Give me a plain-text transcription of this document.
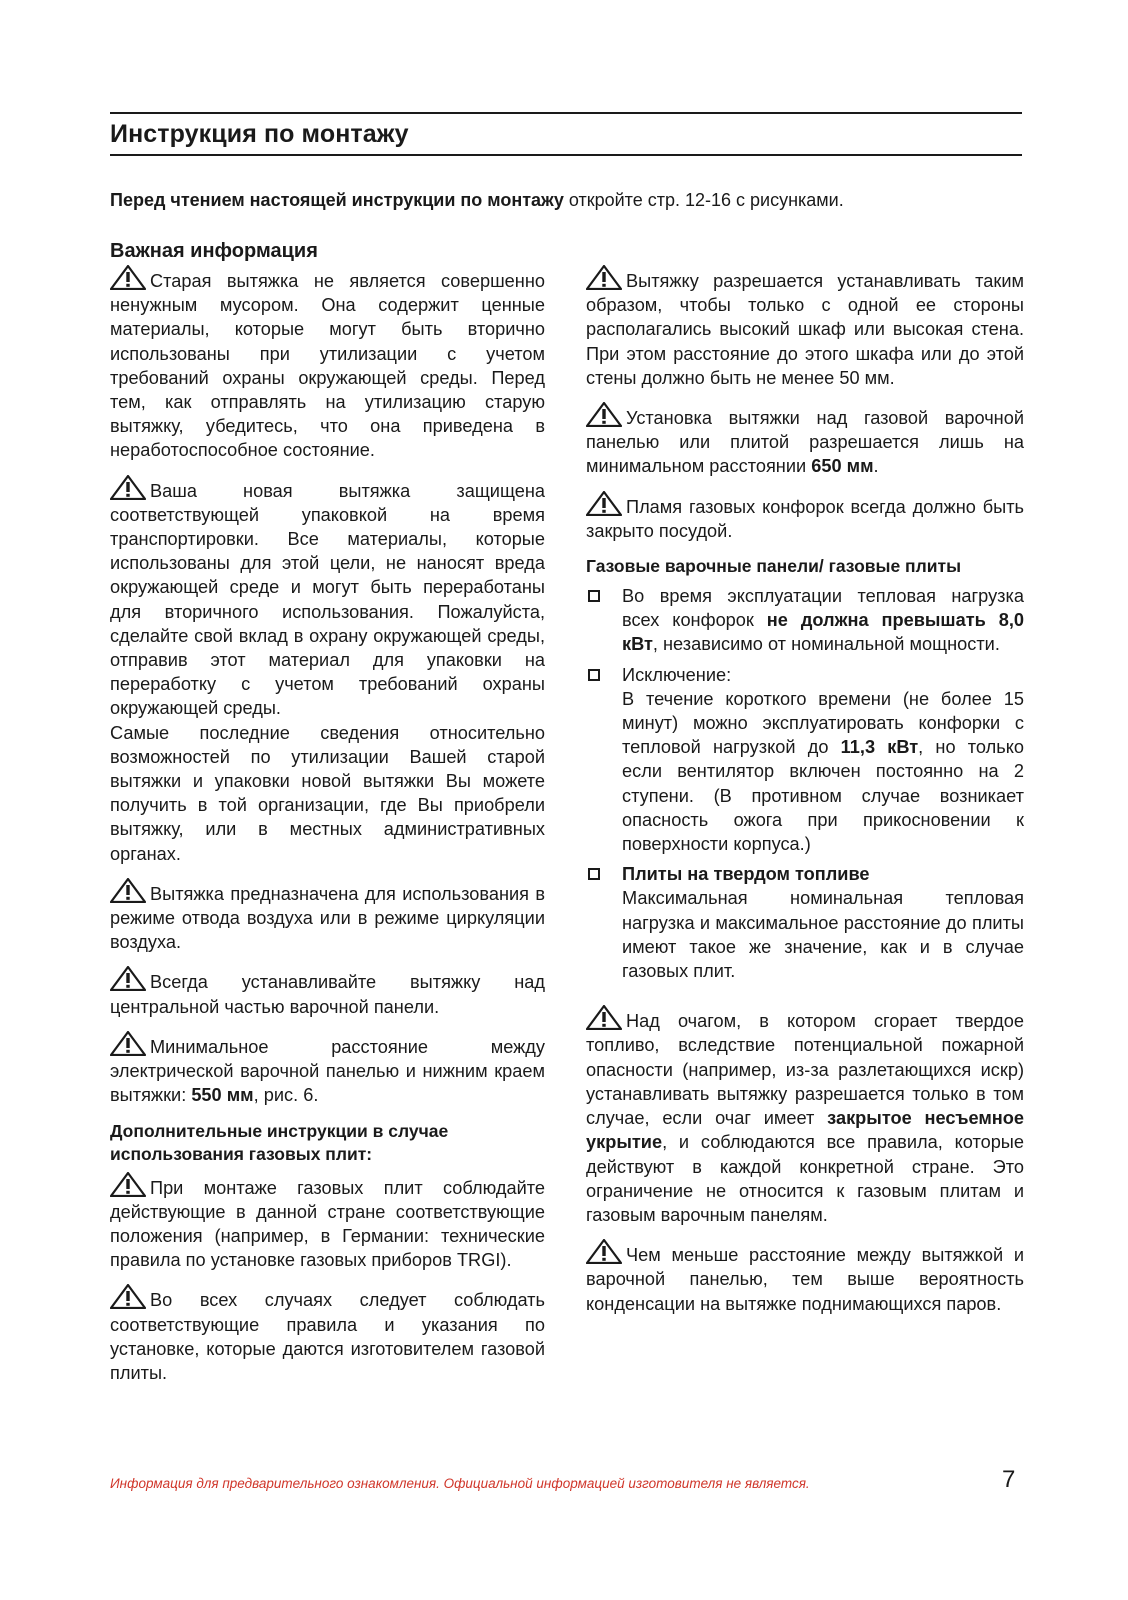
Инструкция по монтажу
Перед чтением настоящей инструкции по монтажу откройте стр. 12-16 с рисунками.
Важная информация

Старая вытяжка не является совершенно ненужным мусором. Она содержит ценные материалы, которые могут быть вторично использованы при утилизации с учетом требований охраны окружающей среды. Перед тем, как отправлять на утилизацию старую вытяжку, убедитесь, что она приведена в неработоспособное состояние.

Ваша новая вытяжка защищена соответствующей упаковкой на время транспортировки. Все материалы, которые использованы для этой цели, не наносят вреда окружающей среде и могут быть переработаны для вторичного использования. Пожалуйста, сделайте свой вклад в охрану окружающей среды, отправив этот материал для упаковки на переработку с учетом требований охраны окружающей среды.

Самые последние сведения относительно возможностей по утилизации Вашей старой вытяжки и упаковки новой вытяжки Вы можете получить в той организации, где Вы приобрели вытяжку, или в местных административных органах.

Вытяжка предназначена для использования в режиме отвода воздуха или в режиме циркуляции воздуха.

Всегда устанавливайте вытяжку над центральной частью варочной панели.

Минимальное расстояние между электрической варочной панелью и нижним краем вытяжки: 550 мм, рис. 6.

Дополнительные инструкции в случае использования газовых плит:

При монтаже газовых плит соблюдайте действующие в данной стране соответствующие положения (например, в Германии: технические правила по установке газовых приборов TRGI).

Во всех случаях следует соблюдать соответствующие правила и указания по установке, которые даются изготовителем газовой плиты.

Вытяжку разрешается устанавливать таким образом, чтобы только с одной ее стороны располагались высокий шкаф или высокая стена. При этом расстояние до этого шкафа или до этой стены должно быть не менее 50 мм.

Установка вытяжки над газовой варочной панелью или плитой разрешается лишь на минимальном расстоянии 650 мм.

Пламя газовых конфорок всегда должно быть закрыто посудой.

Газовые варочные панели/ газовые плиты

Во время эксплуатации тепловая нагрузка всех конфорок не должна превышать 8,0 кВт, независимо от номинальной мощности.
Исключение:
В течение короткого времени (не более 15 минут) можно эксплуатировать конфорки с тепловой нагрузкой до 11,3 кВт, но только если вентилятор включен постоянно на 2 ступени. (В противном случае возникает опасность ожога при прикосновении к поверхности корпуса.)
Плиты на твердом топливе
Максимальная номинальная тепловая нагрузка и максимальное расстояние до плиты имеют такое же значение, как и в случае газовых плит.

Над очагом, в котором сгорает твердое топливо, вследствие потенциальной пожарной опасности (например, из-за разлетающихся искр) устанавливать вытяжку разрешается только в том случае, если очаг имеет закрытое несъемное укрытие, и соблюдаются все правила, которые действуют в каждой конкретной стране. Это ограничение не относится к газовым плитам и газовым варочным панелям.

Чем меньше расстояние между вытяжкой и варочной панелью, тем выше вероятность конденсации на вытяжке поднимающихся паров.

Информация для предварительного ознакомления. Официальной информацией изготовителя не является.	7
